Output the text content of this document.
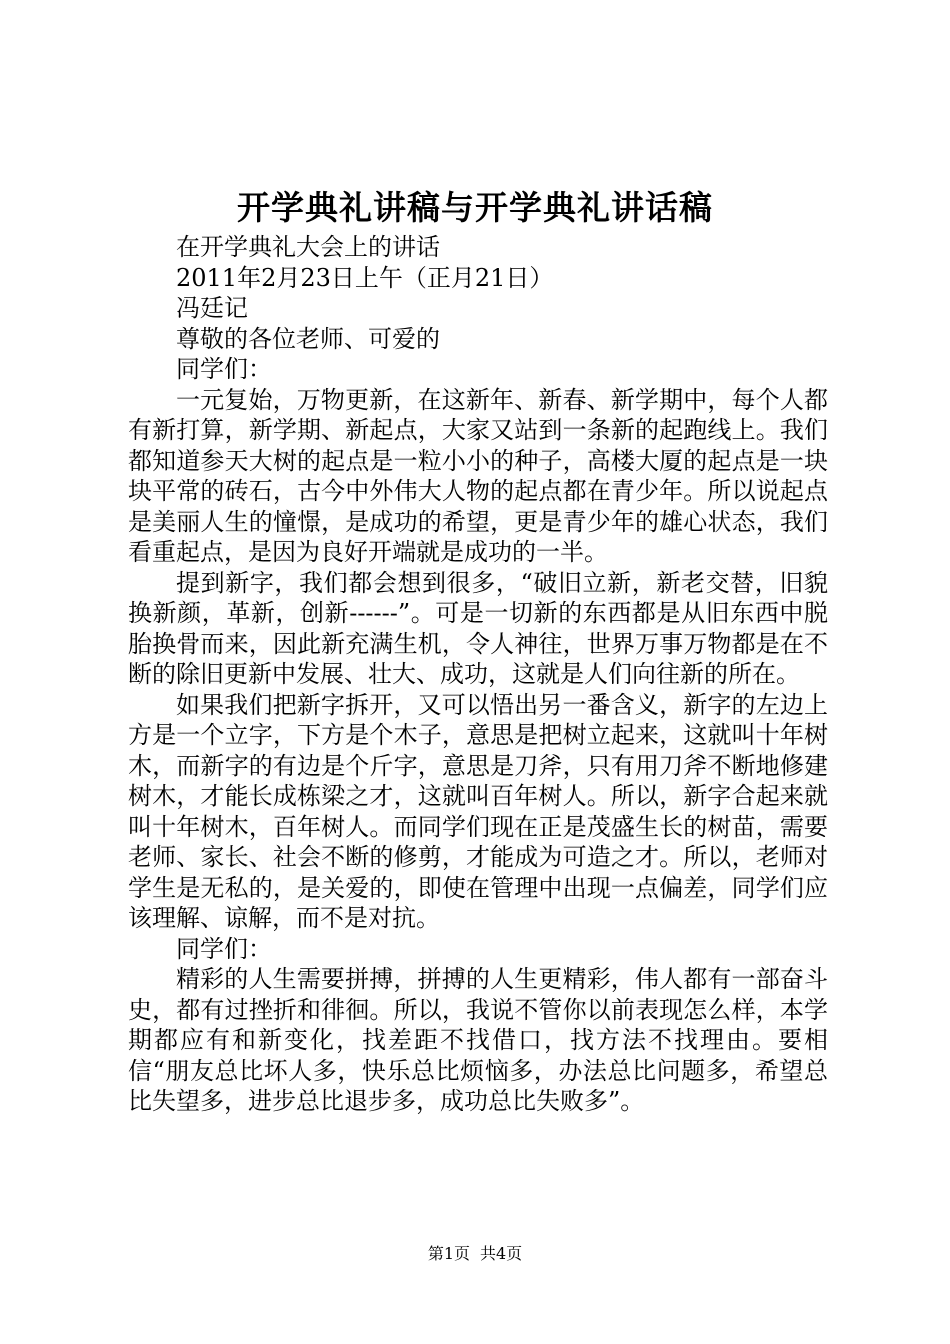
开学典礼讲稿与开学典礼讲话稿

在开学典礼大会上的讲话

2011年2月23日上午（正月21日）

冯廷记

尊敬的各位老师、可爱的

同学们：

一元复始，万物更新，在这新年、新春、新学期中，每个人都有新打算，新学期、新起点，大家又站到一条新的起跑线上。我们都知道参天大树的起点是一粒小小的种子，高楼大厦的起点是一块块平常的砖石，古今中外伟大人物的起点都在青少年。所以说起点是美丽人生的憧憬，是成功的希望，更是青少年的雄心状态，我们看重起点，是因为良好开端就是成功的一半。

提到新字，我们都会想到很多，“破旧立新，新老交替，旧貌换新颜，革新，创新------”。可是一切新的东西都是从旧东西中脱胎换骨而来，因此新充满生机，令人神往，世界万事万物都是在不断的除旧更新中发展、壮大、成功，这就是人们向往新的所在。

如果我们把新字拆开，又可以悟出另一番含义，新字的左边上方是一个立字，下方是个木子，意思是把树立起来，这就叫十年树木，而新字的有边是个斤字，意思是刀斧，只有用刀斧不断地修建树木，才能长成栋梁之才，这就叫百年树人。所以，新字合起来就叫十年树木，百年树人。而同学们现在正是茂盛生长的树苗，需要老师、家长、社会不断的修剪，才能成为可造之才。所以，老师对学生是无私的，是关爱的，即使在管理中出现一点偏差，同学们应该理解、谅解，而不是对抗。

同学们：

精彩的人生需要拼搏，拼搏的人生更精彩，伟人都有一部奋斗史，都有过挫折和徘徊。所以，我说不管你以前表现怎么样，本学期都应有和新变化，找差距不找借口，找方法不找理由。要相信“朋友总比坏人多，快乐总比烦恼多，办法总比问题多，希望总比失望多，进步总比退步多，成功总比失败多”。

第1页 共4页
